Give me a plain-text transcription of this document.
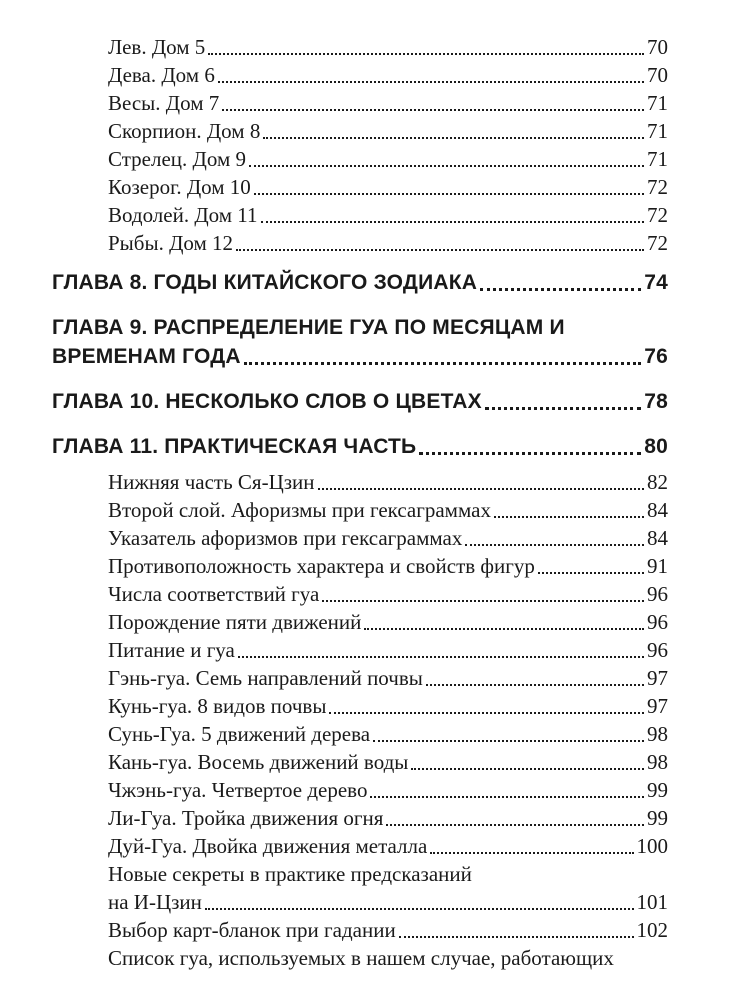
Лев. Дом 5	70
Дева. Дом 6	70
Весы. Дом 7	71
Скорпион. Дом 8	71
Стрелец. Дом 9	71
Козерог. Дом 10	72
Водолей. Дом 11	72
Рыбы. Дом 12	72
ГЛАВА 8. ГОДЫ КИТАЙСКОГО ЗОДИАКА	74
ГЛАВА 9. РАСПРЕДЕЛЕНИЕ ГУА ПО МЕСЯЦАМ И
ВРЕМЕНАМ ГОДА	76
ГЛАВА 10. НЕСКОЛЬКО СЛОВ О ЦВЕТАХ	78
ГЛАВА 11. ПРАКТИЧЕСКАЯ ЧАСТЬ	80
Нижняя часть Ся-Цзин	82
Второй слой. Афоризмы при гексаграммах	84
Указатель афоризмов при гексаграммах	84
Противоположность характера и свойств фигур	91
Числа соответствий гуа	96
Порождение пяти движений	96
Питание и гуа	96
Гэнь-гуа. Семь направлений почвы	97
Кунь-гуа. 8 видов почвы	97
Сунь-Гуа. 5 движений дерева	98
Кань-гуа. Восемь движений воды	98
Чжэнь-гуа. Четвертое дерево	99
Ли-Гуа. Тройка движения огня	99
Дуй-Гуа. Двойка движения металла	100
Новые секреты в практике предсказаний
на И-Цзин	101
Выбор карт-бланок при гадании	102
Список гуа, используемых в нашем случае, работающих
